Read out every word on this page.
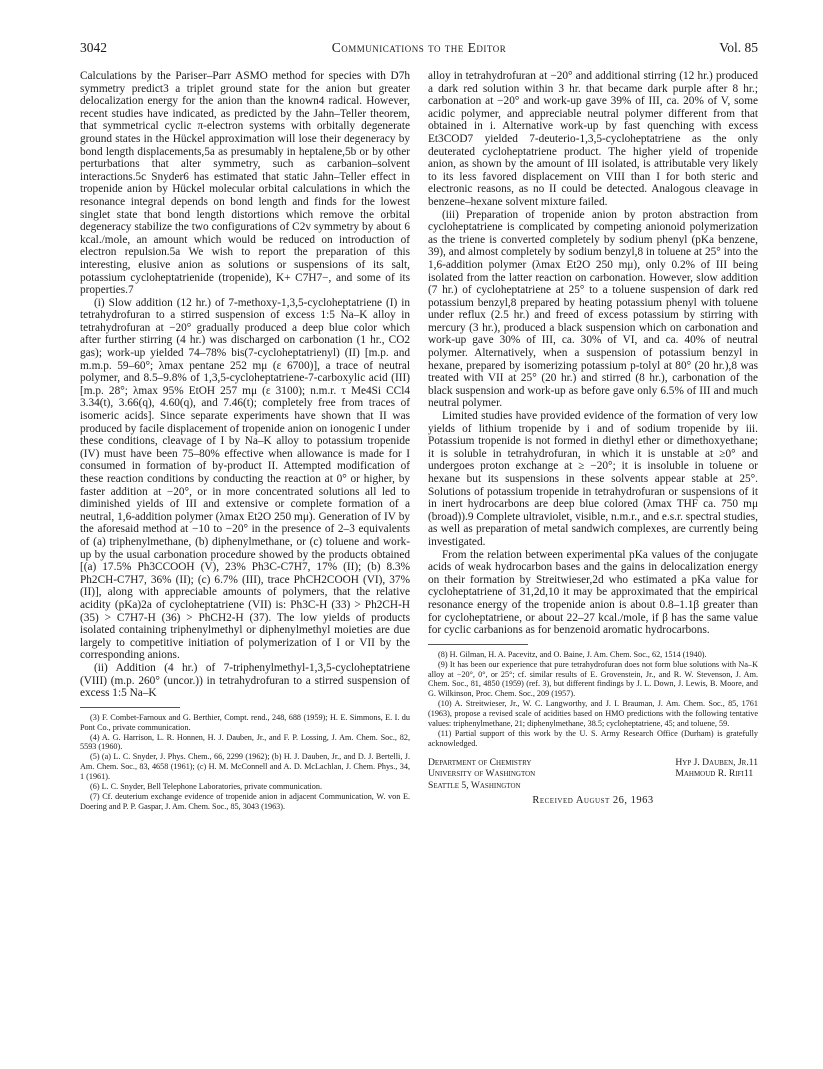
3042	Communications to the Editor	Vol. 85

Calculations by the Pariser–Parr ASMO method for species with D7h symmetry predict3 a triplet ground state for the anion but greater delocalization energy for the anion than the known4 radical. However, recent studies have indicated, as predicted by the Jahn–Teller theorem, that symmetrical cyclic π-electron systems with orbitally degenerate ground states in the Hückel approximation will lose their degeneracy by bond length displacements,5a as presumably in heptalene,5b or by other perturbations that alter symmetry, such as carbanion–solvent interactions.5c Snyder6 has estimated that static Jahn–Teller effect in tropenide anion by Hückel molecular orbital calculations in which the resonance integral depends on bond length and finds for the lowest singlet state that bond length distortions which remove the orbital degeneracy stabilize the two configurations of C2v symmetry by about 6 kcal./mole, an amount which would be reduced on introduction of electron repulsion.5a We wish to report the preparation of this interesting, elusive anion as solutions or suspensions of its salt, potassium cycloheptatrienide (tropenide), K+ C7H7−, and some of its properties.7

(i) Slow addition (12 hr.) of 7-methoxy-1,3,5-cycloheptatriene (I) in tetrahydrofuran to a stirred suspension of excess 1:5 Na–K alloy in tetrahydrofuran at −20° gradually produced a deep blue color which after further stirring (4 hr.) was discharged on carbonation (1 hr., CO2 gas); work-up yielded 74–78% bis(7-cycloheptatrienyl) (II) [m.p. and m.m.p. 59–60°; λmax pentane 252 mμ (ε 6700)], a trace of neutral polymer, and 8.5–9.8% of 1,3,5-cycloheptatriene-7-carboxylic acid (III) [m.p. 28°; λmax 95% EtOH 257 mμ (ε 3100); n.m.r. τ Me4Si CCl4 3.34(t), 3.66(q), 4.60(q), and 7.46(t); completely free from traces of isomeric acids]. Since separate experiments have shown that II was produced by facile displacement of tropenide anion on ionogenic I under these conditions, cleavage of I by Na–K alloy to potassium tropenide (IV) must have been 75–80% effective when allowance is made for I consumed in formation of by-product II. Attempted modification of these reaction conditions by conducting the reaction at 0° or higher, by faster addition at −20°, or in more concentrated solutions all led to diminished yields of III and extensive or complete formation of a neutral, 1,6-addition polymer (λmax Et2O 250 mμ). Generation of IV by the aforesaid method at −10 to −20° in the presence of 2–3 equivalents of (a) triphenylmethane, (b) diphenylmethane, or (c) toluene and work-up by the usual carbonation procedure showed by the products obtained [(a) 17.5% Ph3CCOOH (V), 23% Ph3C-C7H7, 17% (II); (b) 8.3% Ph2CH-C7H7, 36% (II); (c) 6.7% (III), trace PhCH2COOH (VI), 37% (II)], along with appreciable amounts of polymers, that the relative acidity (pKa)2a of cycloheptatriene (VII) is: Ph3C-H (33) > Ph2CH-H (35) > C7H7-H (36) > PhCH2-H (37). The low yields of products isolated containing triphenylmethyl or diphenylmethyl moieties are due largely to competitive initiation of polymerization of I or VII by the corresponding anions.

(ii) Addition (4 hr.) of 7-triphenylmethyl-1,3,5-cycloheptatriene (VIII) (m.p. 260° (uncor.)) in tetrahydrofuran to a stirred suspension of excess 1:5 Na–K

(3) F. Combet-Farnoux and G. Berthier, Compt. rend., 248, 688 (1959); H. E. Simmons, E. I. du Pont Co., private communication.

(4) A. G. Harrison, L. R. Honnen, H. J. Dauben, Jr., and F. P. Lossing, J. Am. Chem. Soc., 82, 5593 (1960).

(5) (a) L. C. Snyder, J. Phys. Chem., 66, 2299 (1962); (b) H. J. Dauben, Jr., and D. J. Bertelli, J. Am. Chem. Soc., 83, 4658 (1961); (c) H. M. McConnell and A. D. McLachlan, J. Chem. Phys., 34, 1 (1961).

(6) L. C. Snyder, Bell Telephone Laboratories, private communication.

(7) Cf. deuterium exchange evidence of tropenide anion in adjacent Communication, W. von E. Doering and P. P. Gaspar, J. Am. Chem. Soc., 85, 3043 (1963).

alloy in tetrahydrofuran at −20° and additional stirring (12 hr.) produced a dark red solution within 3 hr. that became dark purple after 8 hr.; carbonation at −20° and work-up gave 39% of III, ca. 20% of V, some acidic polymer, and appreciable neutral polymer different from that obtained in i. Alternative work-up by fast quenching with excess Et3COD7 yielded 7-deuterio-1,3,5-cycloheptatriene as the only deuterated cycloheptatriene product. The higher yield of tropenide anion, as shown by the amount of III isolated, is attributable very likely to its less favored displacement on VIII than I for both steric and electronic reasons, as no II could be detected. Analogous cleavage in benzene–hexane solvent mixture failed.

(iii) Preparation of tropenide anion by proton abstraction from cycloheptatriene is complicated by competing anionoid polymerization as the triene is converted completely by sodium phenyl (pKa benzene, 39), and almost completely by sodium benzyl,8 in toluene at 25° into the 1,6-addition polymer (λmax Et2O 250 mμ), only 0.2% of III being isolated from the latter reaction on carbonation. However, slow addition (7 hr.) of cycloheptatriene at 25° to a toluene suspension of dark red potassium benzyl,8 prepared by heating potassium phenyl with toluene under reflux (2.5 hr.) and freed of excess potassium by stirring with mercury (3 hr.), produced a black suspension which on carbonation and work-up gave 30% of III, ca. 30% of VI, and ca. 40% of neutral polymer. Alternatively, when a suspension of potassium benzyl in hexane, prepared by isomerizing potassium p-tolyl at 80° (20 hr.),8 was treated with VII at 25° (20 hr.) and stirred (8 hr.), carbonation of the black suspension and work-up as before gave only 6.5% of III and much neutral polymer.

Limited studies have provided evidence of the formation of very low yields of lithium tropenide by i and of sodium tropenide by iii. Potassium tropenide is not formed in diethyl ether or dimethoxyethane; it is soluble in tetrahydrofuran, in which it is unstable at ≥0° and undergoes proton exchange at ≥ −20°; it is insoluble in toluene or hexane but its suspensions in these solvents appear stable at 25°. Solutions of potassium tropenide in tetrahydrofuran or suspensions of it in inert hydrocarbons are deep blue colored (λmax THF ca. 750 mμ (broad)).9 Complete ultraviolet, visible, n.m.r., and e.s.r. spectral studies, as well as preparation of metal sandwich complexes, are currently being investigated.

From the relation between experimental pKa values of the conjugate acids of weak hydrocarbon bases and the gains in delocalization energy on their formation by Streitwieser,2d who estimated a pKa value for cycloheptatriene of 31,2d,10 it may be approximated that the empirical resonance energy of the tropenide anion is about 0.8–1.1β greater than for cycloheptatriene, or about 22–27 kcal./mole, if β has the same value for cyclic carbanions as for benzenoid aromatic hydrocarbons.

(8) H. Gilman, H. A. Pacevitz, and O. Baine, J. Am. Chem. Soc., 62, 1514 (1940).

(9) It has been our experience that pure tetrahydrofuran does not form blue solutions with Na–K alloy at −20°, 0°, or 25°; cf. similar results of E. Grovenstein, Jr., and R. W. Stevenson, J. Am. Chem. Soc., 81, 4850 (1959) (ref. 3), but different findings by J. L. Down, J. Lewis, B. Moore, and G. Wilkinson, Proc. Chem. Soc., 209 (1957).

(10) A. Streitwieser, Jr., W. C. Langworthy, and J. I. Brauman, J. Am. Chem. Soc., 85, 1761 (1963), propose a revised scale of acidities based on HMO predictions with the following tentative values: triphenylmethane, 21; diphenylmethane, 38.5; cycloheptatriene, 45; and toluene, 59.

(11) Partial support of this work by the U. S. Army Research Office (Durham) is gratefully acknowledged.

Department of Chemistry
University of Washington
Seattle 5, Washington
Hyp J. Dauben, Jr.11
Mahmoud R. Rifi11
Received August 26, 1963
